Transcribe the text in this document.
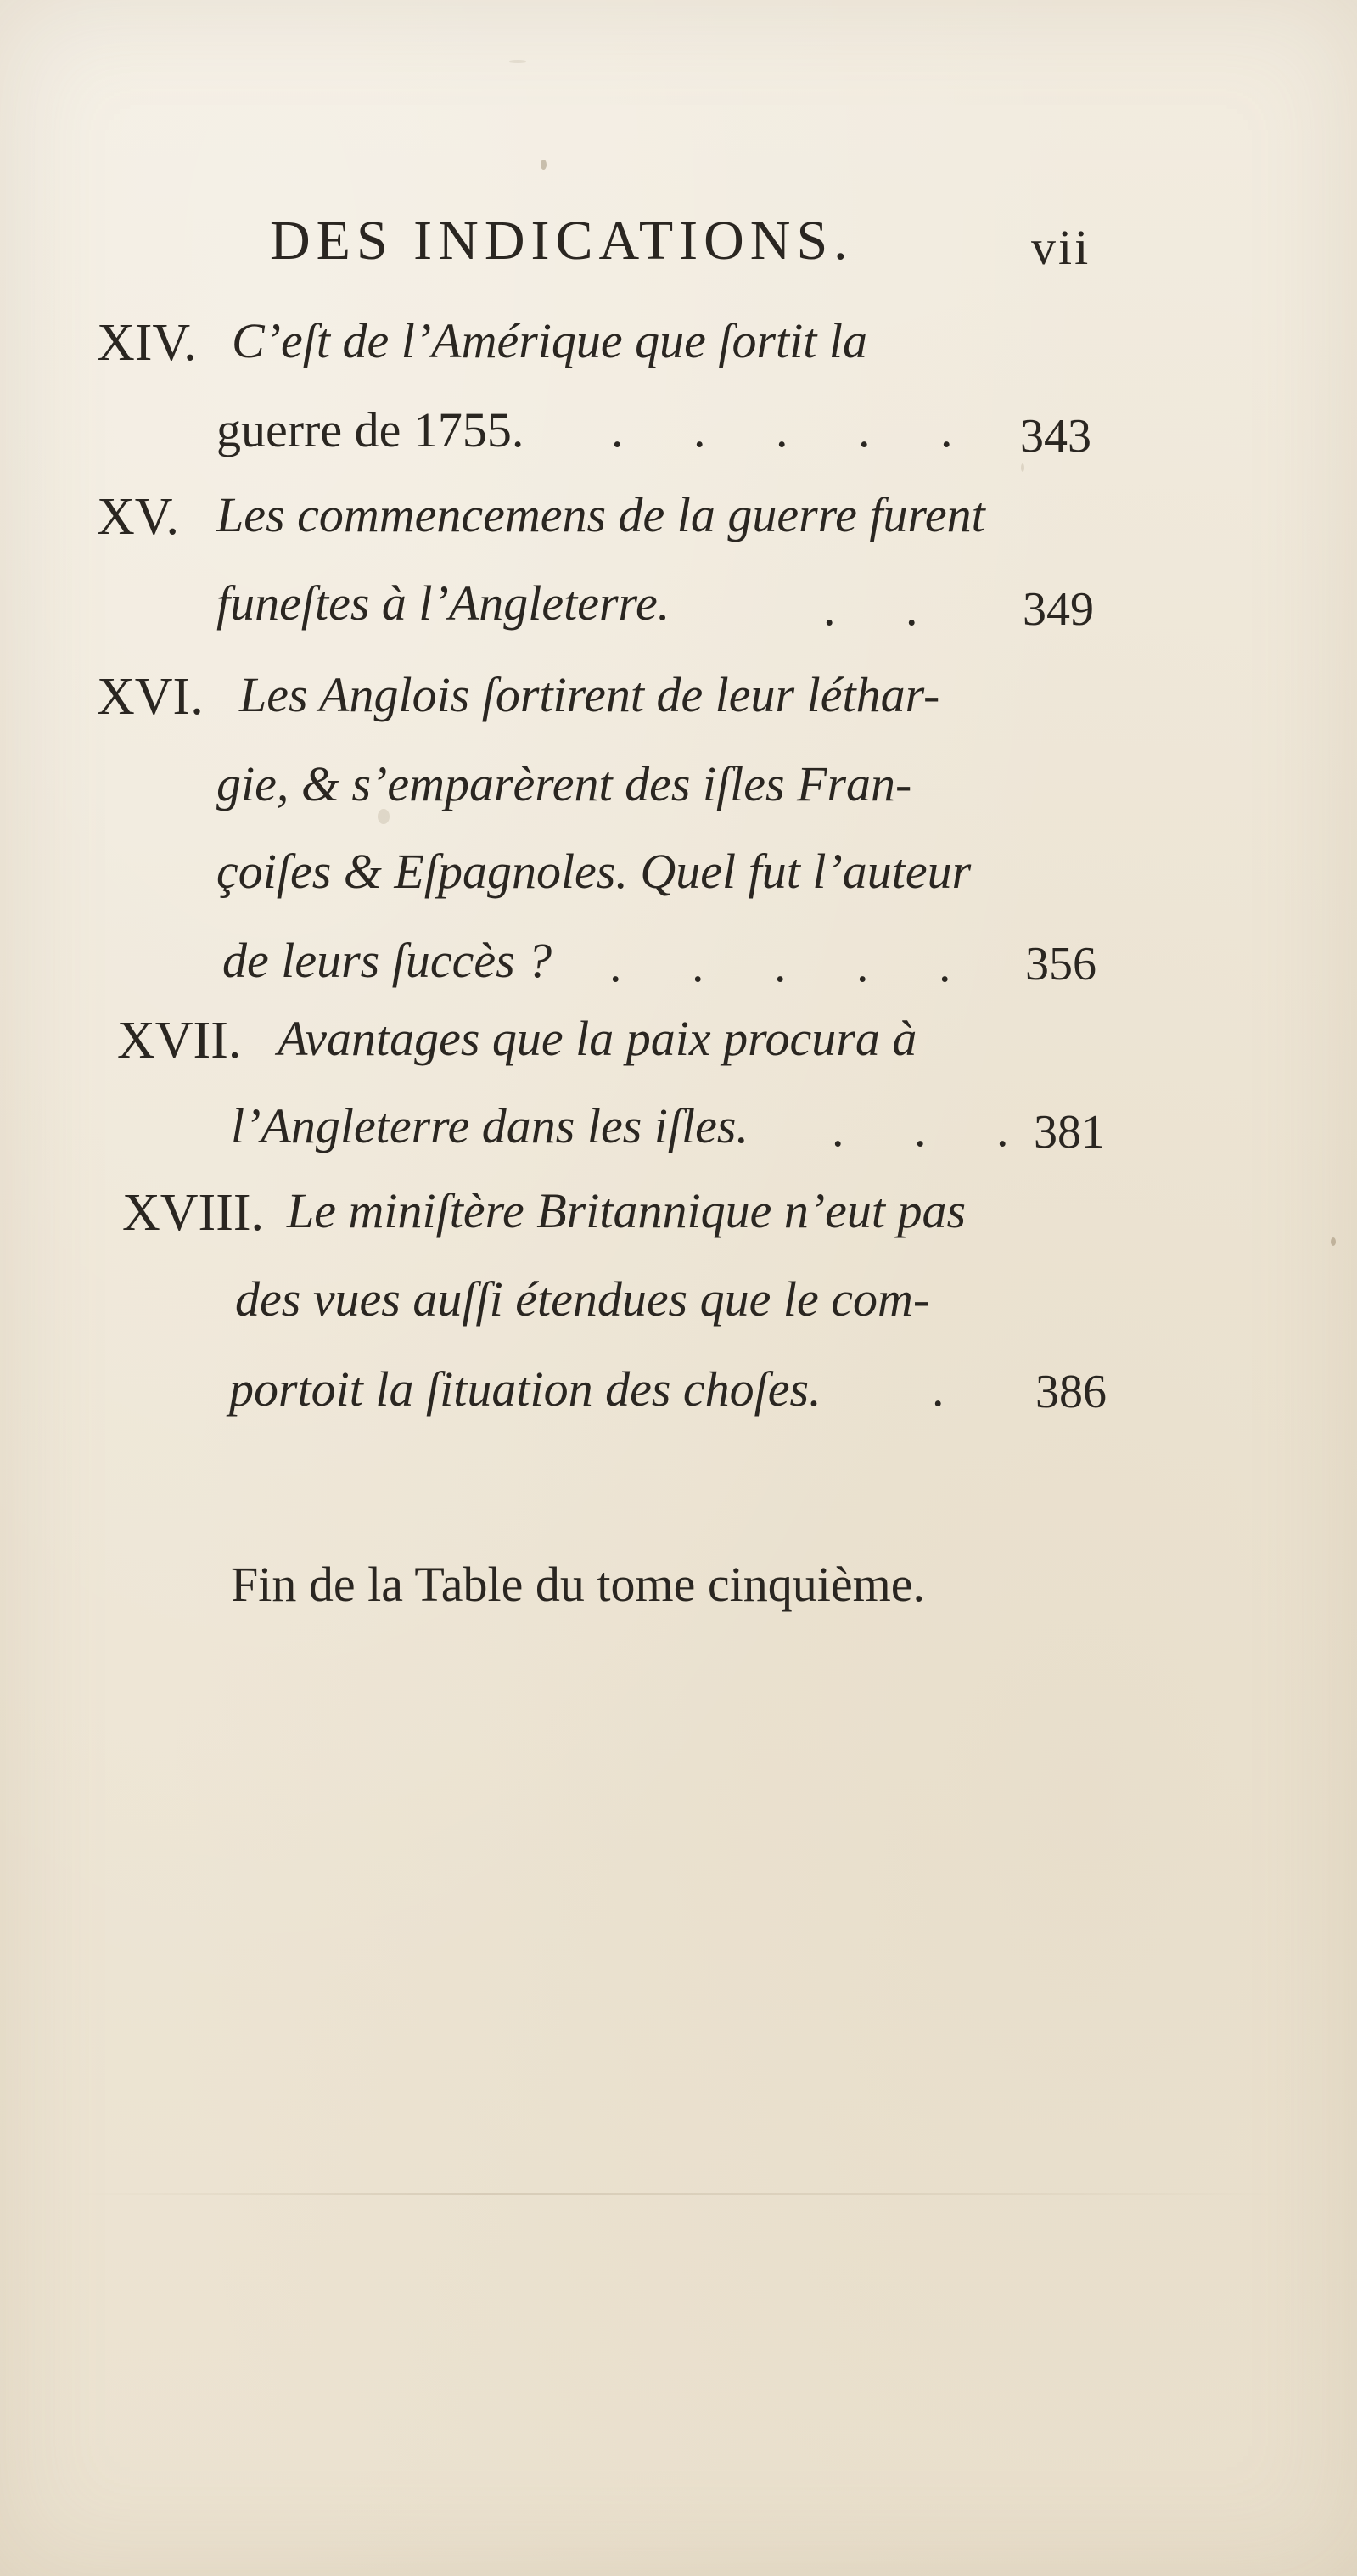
DES INDICATIONS.	vii
XIV. C’eſt de l’Amérique que ſortit la
guerre de 1755. . . . . . 343
XV. Les commencemens de la guerre furent
funeſtes à l’Angleterre.	. . 349
XVI. Les Anglois ſortirent de leur léthar-
gie, & s’emparèrent des iſles Fran-
çoiſes & Eſpagnoles. Quel fut l’auteur
de leurs ſuccès ? . . . . . 356
XVII. Avantages que la paix procura à
l’Angleterre dans les iſles. . . .
381
XVIII. Le miniſtère Britannique n’eut pas
des vues auſſi étendues que le com-
portoit la ſituation des choſes. . 386
Fin de la Table du tome cinquième.
